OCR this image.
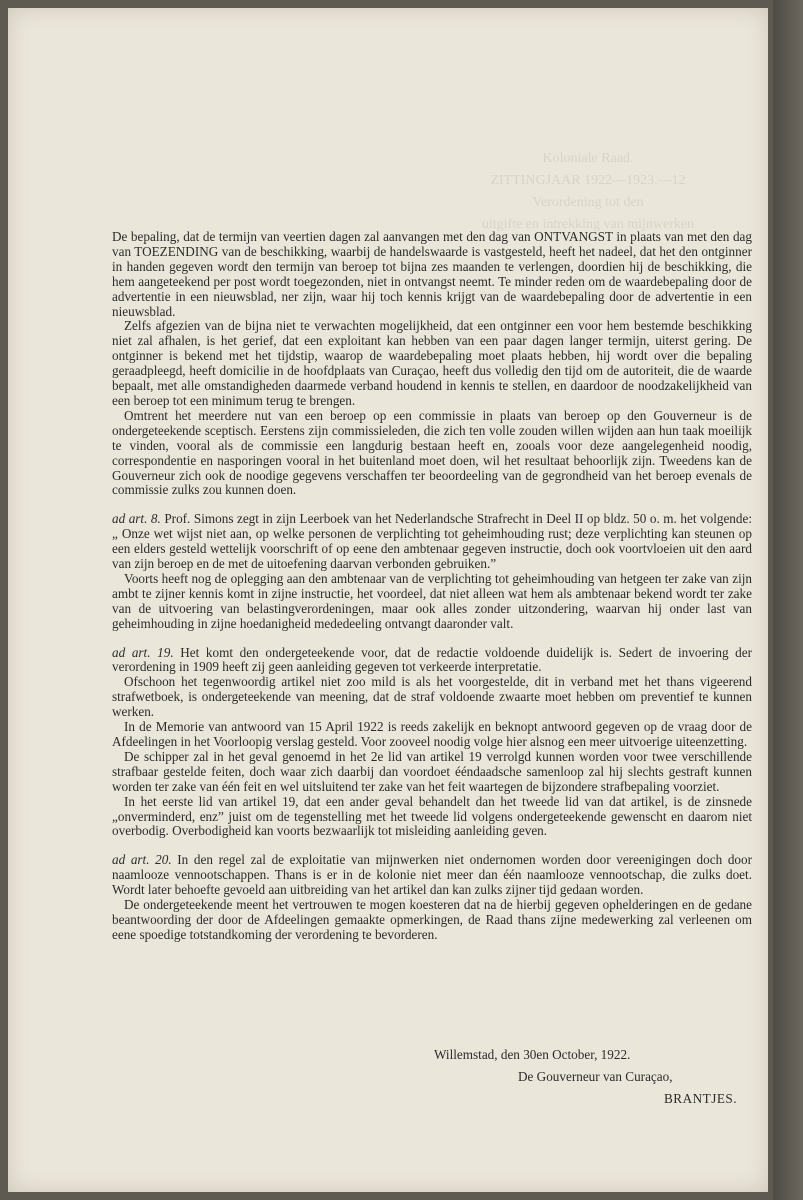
Koloniale Raad.
ZITTINGJAAR 1922—1923.—12
Verordening tot den
uitgifte en intrekking van mijnwerken

De bepaling, dat de termijn van veertien dagen zal aanvangen met den dag van ONTVANGST in plaats van met den dag van TOEZENDING van de beschikking, waarbij de handelswaarde is vastgesteld, heeft het nadeel, dat het den ontginner in handen gegeven wordt den termijn van beroep tot bijna zes maanden te verlengen, doordien hij de beschikking, die hem aangeteekend per post wordt toegezonden, niet in ontvangst neemt. Te minder reden om de waardebepaling door de advertentie in een nieuwsblad, ner zijn, waar hij toch kennis krijgt van de waardebepaling door de advertentie in een nieuwsblad.

Zelfs afgezien van de bijna niet te verwachten mogelijkheid, dat een ontginner een voor hem bestemde beschikking niet zal afhalen, is het gerief, dat een exploitant kan hebben van een paar dagen langer termijn, uiterst gering. De ontginner is bekend met het tijdstip, waarop de waardebepaling moet plaats hebben, hij wordt over die bepaling geraadpleegd, heeft domicilie in de hoofdplaats van Curaçao, heeft dus volledig den tijd om de autoriteit, die de waarde bepaalt, met alle omstandigheden daarmede verband houdend in kennis te stellen, en daardoor de noodzakelijkheid van een beroep tot een minimum terug te brengen.

Omtrent het meerdere nut van een beroep op een commissie in plaats van beroep op den Gouverneur is de ondergeteekende sceptisch. Eerstens zijn commissieleden, die zich ten volle zouden willen wijden aan hun taak moeilijk te vinden, vooral als de commissie een langdurig bestaan heeft en, zooals voor deze aangelegenheid noodig, correspondentie en nasporingen vooral in het buitenland moet doen, wil het resultaat behoorlijk zijn. Tweedens kan de Gouverneur zich ook de noodige gegevens verschaffen ter beoordeeling van de gegrondheid van het beroep evenals de commissie zulks zou kunnen doen.

ad art. 8. Prof. Simons zegt in zijn Leerboek van het Nederlandsche Strafrecht in Deel II op bldz. 50 o. m. het volgende: „ Onze wet wijst niet aan, op welke personen de verplichting tot geheimhouding rust; deze verplichting kan steunen op een elders gesteld wettelijk voorschrift of op eene den ambtenaar gegeven instructie, doch ook voortvloeien uit den aard van zijn beroep en de met de uitoefening daarvan verbonden gebruiken.”

Voorts heeft nog de oplegging aan den ambtenaar van de verplichting tot geheimhouding van hetgeen ter zake van zijn ambt te zijner kennis komt in zijne instructie, het voordeel, dat niet alleen wat hem als ambtenaar bekend wordt ter zake van de uitvoering van belastingverordeningen, maar ook alles zonder uitzondering, waarvan hij onder last van geheimhouding in zijne hoedanigheid mededeeling ontvangt daaronder valt.

ad art. 19. Het komt den ondergeteekende voor, dat de redactie voldoende duidelijk is. Sedert de invoering der verordening in 1909 heeft zij geen aanleiding gegeven tot verkeerde interpretatie.

Ofschoon het tegenwoordig artikel niet zoo mild is als het voorgestelde, dit in verband met het thans vigeerend strafwetboek, is ondergeteekende van meening, dat de straf voldoende zwaarte moet hebben om preventief te kunnen werken.

In de Memorie van antwoord van 15 April 1922 is reeds zakelijk en beknopt antwoord gegeven op de vraag door de Afdeelingen in het Voorloopig verslag gesteld. Voor zooveel noodig volge hier alsnog een meer uitvoerige uiteenzetting.

De schipper zal in het geval genoemd in het 2e lid van artikel 19 verrolgd kunnen worden voor twee verschillende strafbaar gestelde feiten, doch waar zich daarbij dan voordoet ééndaadsche samenloop zal hij slechts gestraft kunnen worden ter zake van één feit en wel uitsluitend ter zake van het feit waartegen de bijzondere strafbepaling voorziet.

In het eerste lid van artikel 19, dat een ander geval behandelt dan het tweede lid van dat artikel, is de zinsnede „onverminderd, enz” juist om de tegenstelling met het tweede lid volgens ondergeteekende gewenscht en daarom niet overbodig. Overbodigheid kan voorts bezwaarlijk tot misleiding aanleiding geven.

ad art. 20. In den regel zal de exploitatie van mijnwerken niet ondernomen worden door vereenigingen doch door naamlooze vennootschappen. Thans is er in de kolonie niet meer dan één naamlooze vennootschap, die zulks doet. Wordt later behoefte gevoeld aan uitbreiding van het artikel dan kan zulks zijner tijd gedaan worden.

De ondergeteekende meent het vertrouwen te mogen koesteren dat na de hierbij gegeven ophelderingen en de gedane beantwoording der door de Afdeelingen gemaakte opmerkingen, de Raad thans zijne medewerking zal verleenen om eene spoedige totstandkoming der verordening te bevorderen.

Willemstad, den 30en October, 1922.
De Gouverneur van Curaçao,
BRANTJES.
